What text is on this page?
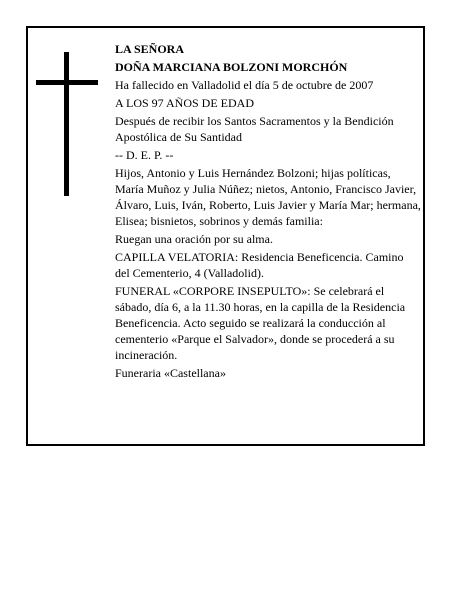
LA SEÑORA

DOÑA MARCIANA BOLZONI MORCHÓN

Ha fallecido en Valladolid el día 5 de octubre de 2007

A LOS 97 AÑOS DE EDAD

Después de recibir los Santos Sacramentos y la Bendición Apostólica de Su Santidad

-- D. E. P. --

Hijos, Antonio y Luis Hernández Bolzoni; hijas políticas, María Muñoz y Julia Núñez; nietos, Antonio, Francisco Javier, Álvaro, Luis, Iván, Roberto, Luis Javier y María Mar; hermana, Elisea; bisnietos, sobrinos y demás familia:

Ruegan una oración por su alma.

CAPILLA VELATORIA: Residencia Beneficencia. Camino del Cementerio, 4 (Valladolid).

FUNERAL «CORPORE INSEPULTO»: Se celebrará el sábado, día 6, a la 11.30 horas, en la capilla de la Residencia Beneficencia. Acto seguido se realizará la conducción al cementerio «Parque el Salvador», donde se procederá a su incineración.

Funeraria «Castellana»
